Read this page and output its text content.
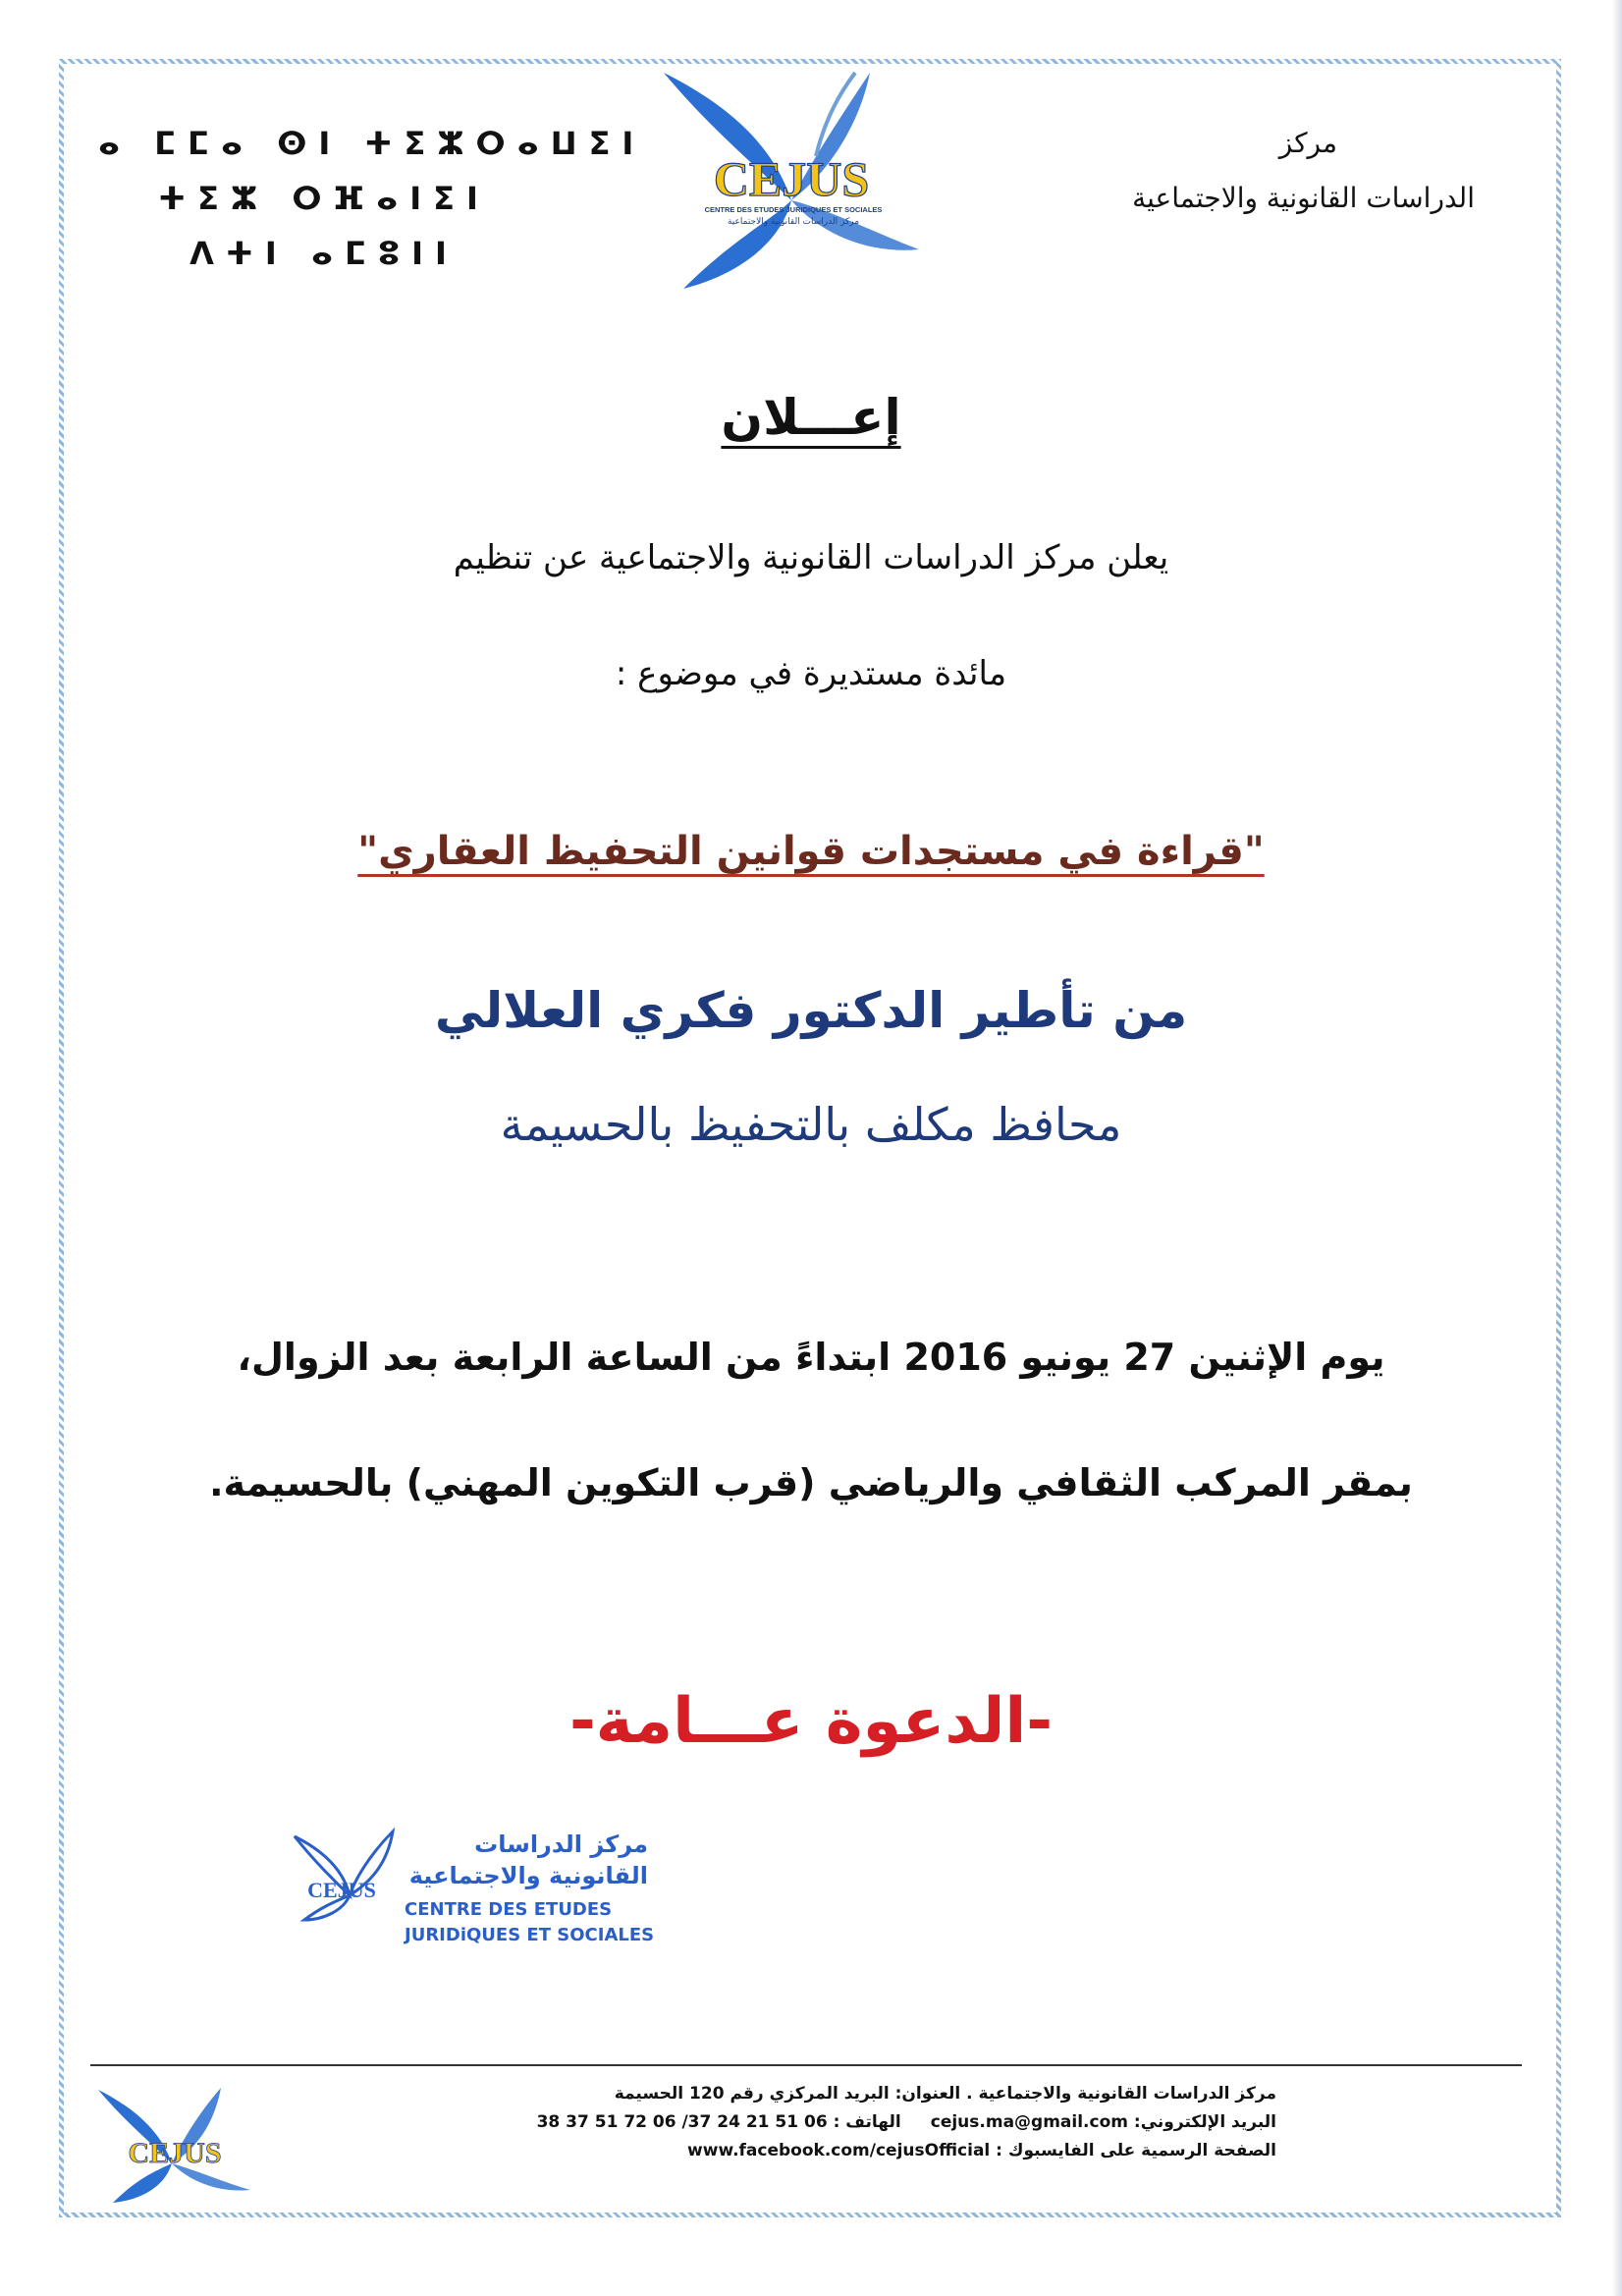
ⴰ ⵎⵎⴰ ⵙⵏ ⵜⵉⵣⵔⴰⵡⵉⵏ
ⵜⵉⵣ ⵔⴼⴰⵏⵉⵏ
ⴷⵜⵏ ⴰⵎⵓⵏⵏ
CEJUS
CENTRE DES ETUDES JURIDIQUES ET SOCIALES
مركز الدراسات القانونية والاجتماعية
مركز
الدراسات القانونية والاجتماعية
إعـــلان
يعلن مركز الدراسات القانونية والاجتماعية عن تنظيم
مائدة مستديرة في موضوع :
"قراءة في مستجدات قوانين التحفيظ العقاري"
من تأطير الدكتور فكري العلالي
محافظ مكلف بالتحفيظ بالحسيمة
يوم الإثنين 27 يونيو 2016 ابتداءً من الساعة الرابعة بعد الزوال،
بمقر المركب الثقافي والرياضي (قرب التكوين المهني) بالحسيمة.
-الدعوة عـــامة-
CEJUS
مركز الدراسات
القانونية والاجتماعية
CENTRE DES ETUDES
JURIDiQUES ET SOCIALES
CEJUS
مركز الدراسات القانونية والاجتماعية . العنوان: البريد المركزي رقم 120 الحسيمة
البريد الإلكتروني: cejus.ma@gmail.com
الهاتف : 38 37 51 72 06 /37 24 21 51 06
الصفحة الرسمية على الفايسبوك : www.facebook.com/cejusOfficial
